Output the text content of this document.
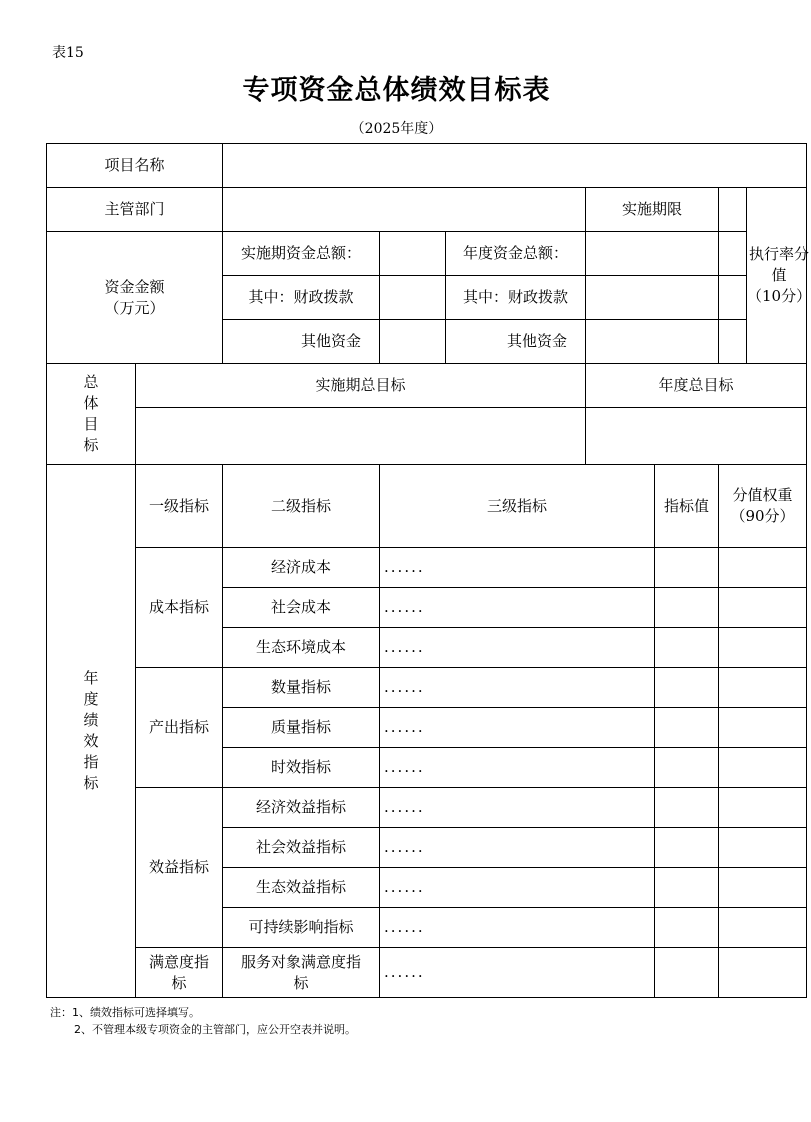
表15
专项资金总体绩效目标表
（2025年度）
项目名称								
主管部门					实施期限			执行率分值
（10分）

资金金额（万元）		实施期资金总额：		年度资金总额：				
		其中：财政拨款		其中：财政拨款				
		其他资金		其他资金				

总体目标	实施期总目标				年度总目标			

年度绩效指标	一级指标	二级指标	三级指标			指标值	分值权重
（90分）	

	成本指标	经济成本	......					
		社会成本	......					
		生态环境成本	......					
	产出指标	数量指标	......					
		质量指标	......					
		时效指标	......					
	效益指标	经济效益指标	......					
		社会效益指标	......					
		生态效益指标	......					
		可持续影响指标	......					

	满意度指标	服务对象满意度指标	......					
注：1、绩效指标可选择填写。
2、不管理本级专项资金的主管部门，应公开空表并说明。
